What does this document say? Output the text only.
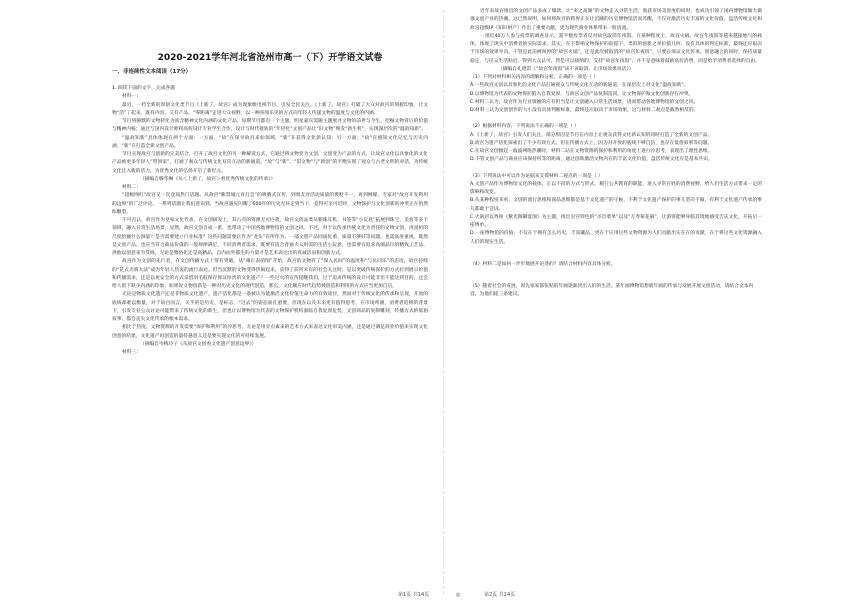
2020-2021学年河北省沧州市高一（下）开学语文试卷
一、非连续性文本阅读（17分）
1. 阅读下面的文字，完成各题
材料一：
最近，一档全新的原创文化类节目《上新了，故宫》成为现象级电视节目，引发全民关注。《上新了，故宫》打破了大众对故宫的刻板印象，让文物“活”了起来，既有内容、又有产品，“零距离”走进大众视野，以一种喜闻乐见的方式向年轻人传递文物的温度与文化的内涵。
节目将静默的文物转化为富含精神文化内涵的文化产品。每期节目都有一个主题，明星嘉宾需随主题展寻文物的前世与今生，挖掘文物背后的价值与精神内核；通过与国内设计师和高校设计专业学生合作，设计与时代接轨的“年轻化”文创产品让“旧文物”焕发“新生机”，实现深层次的“温故知新”。
“温故知新”具体体现在两个方面：一方面，“故”在探寻故宫来如领域，“新”在获得文化新认知；另一方面，“故”在感知文化记忆与历史内涵，“新”在打造全新文创产品。
节目实现故宫与创新的完美结合，打开了故宫文化的另一种解读方式，它通过将文物变为文创，文创变为产品的方式，让故宫文化以具象化的文化产品被更多年轻人“带回家”，打通了观众与传统文化双向互动的新通道。“故”与“新”、“旧文物”与“新创”的平衡实现了观众与古老文明的对话，为传统文化注入新的活力，为优秀文化的弘扬开启了新纪元。
（摘编自滕华琳《从＜上新了，故宫＞看优秀传统文化的传承》）
材料二：
“超级网红”故宫又一次登顶热门话题。从故宫“紫禁城元宵灯会”的吸睛式宣传，到周友对活动质量的褒贬不一，再到网媒、专家对“故宫开发利用的边界”的广泛评论，一系列话题让我们意识到，当故宫遇见闪耀了600年的历史光环走到当下，竟得可亲可近时，文物保护与文化创新的冲突正在悄然酝酿着。
不可否认，故宫作为皇家文化代表，在文创研发上，其占有的资源无可匹敌，故宫文创品类从朝珠耳机、书签等“小玩意”拓展到珠宝、美妆等多个领域，融入日常生活场景，显然，故宫文创自成一派，也带动了中国各地博物馆的文创之风。不过，对于以传承传统文化为责任的文物文创，再剖析的尺度恰握什么洞量？是否需要建立行业标准？这些问题需要官作为“龙头”有所作为。一部文创产品同质化重、质量不够好等问题，也需高度重视。既然是文创产品，也应当符合商品价值的一般规律满足，不同消费者需求，既要有适合普通大众用需的生活小玩意，也需要有追求高端品位的精致工艺品，供他以创意来为反线，无论是雅俗化还是高精品，自内而外都生的力量才是艺术表达出的真诚活泉和创新方式。
故宫作为文创的先行者，在文创传播方式上常有突破，从“雍正表萌图”开始，故宫的文物有了“深入民间”的温度和“与民同乐”的态度，故宫持续的“花式卖萌大法”成为年轻人热衷的流行表达。但当沉默的文物变得热闹起来，获得了前所未有的社会关注时，是以突破传统保护的方式拉到展示价值和传播需求，还是以更安全的方式拿惜羽毛般保存保证珍贵的文化遗产？一些过火的宣传提醒我们，过于追求传统的设计可能非但不能达到目的，还会给人留下缺少内涵的印象。如果说文物创新是一种对历史文化的现代创造，那么，文化顺应时代趋势被创造和利用的方式应当更加自信。
无论是物质文化遗产还是非物质文化遗产，遗产活化都是一条被认为能激活文化价值生命力的有效途径，然而对于传统文化的传承和呈现，开放的底线却难以衡量，对于故宫而言，关乎的是历史、是标志，“过去”的姿态面孔重要，但现在以及未来更有值得思考，在市场所涵，消费者追捧的背景下，引发专业公众讨论可能带来了传统文化的新生，但也让以博物馆为代表的文物保护机构面临自我复原危势，文创商品的复制雕刻，传播方式的低俗叙事，都会丧失文化传承的根本需求。
相比于热度，文物资源的开发需要“保护和利用”的冷思考。无论是用旁点素来的艺术方式来表达文化审美内涵，还是通过满足商业价值来实现文化创意的结果，文化遗产再创造的量持悬意义还是要实现文化的可持续发展。
（摘编自岑梅玲子《从故宫文创看文化遗产创意边界》）
材料三：
近年来故宫推出的文创产品多成了爆款，让“来之高阁”的文物走入寻常生活，收获市场美誉度的同时，也成功引领了国内博物馆做大做强文创产业的热潮。这已然说明，如何将故宫的跨界正在让沉睡的历史博物馆活而苏醒，不仅对激活历史丰富的文化价值，盘活传统文化和故宫超级IP（知识财产）作出了重要贡献，更为现代商业体系带来一股清流。
一项近40万人参与投票的调查显示，超半数投票者反对故宫取消年夜饭。在某种程度上，故宫火锅、故宫年夜饭等越来越接地气的载体，体现了现实中消费者的实际需求。其实，在不影响文物保护的前提下，类似的创新之举价值几何，没有具体的判定标准，最终还应取决于市场的效果导向。不管是此前被叫停的“故宫火锅”，还是此次被取消的“故宫年夜饭”，只要在保证文化传承，创意融合的同时，保持质量稳定，与民众生活贴近，得到大众认可，皆是可以接纳的，支持“故宫年夜饭”，并不是意味着鼓励高价消费，而是给予消费者选择的自由。
（摘编自孔德淇《“故宫年夜饭”该不该取消，让市场效果说话》）
（1）下列对材料相关内容的理解和分析，正确的一项是（ ）
A.一些故宫文创以具象化的文化产品打通观众与传统文化互动的新通道，在深层次上对文化“温故知新”。
B.以博物馆为代表的文物保护陷入自我复原，与故宫文创产品复制雷同，让文物保护和文化创新存在冲突。
C.材料二认为，故宫作为行业领袖的应有担当是让文创融入日常生活场景，进而带动各地博物馆的文创之风。
D.材料三认为文创创作的大小没有具体判断标准，最终还应取决于市场效果，这与材料二观点是截然相反的。
（2）根据材料内容，下列说法不正确的一项是（ ）
A.《上新了，故宫》引发人们关注，部分原因是节目在内容上让观众获得文化新认知的同时打造了全新的文创产品。
B.故宫为遗产活化探索出了不少有效方式，但在传播方式上，因为对开放的底线不够自信，也存在低俗叙事等问题。
C.在故宫文创掀起一波波网络热潮时，材料二站在文物资源的保护和利用的角度上进行冷思考，表现出了理性思维。
D.不管文创产品与商业应该保持何等的距离，通过创新激活文物内在的丰富文化价值，盘活传统文化应是基本共识。
（3）下列说法中可以作为论据来支撑材料二观点的一项是（ ）
A.文创产品作为博物馆文化的载体，正以不同的方式与形式，履行公共教育的职能，进入寻常百姓的消费视野，给人们生活方式带来一定的影响和改变。
B.从某种程度来看，文创的流行思维和商品思维都是基于文化遗产的守候，不利于文化遗产保护的事儿坚决不做，有利于文化遗产传承的事儿都敢于尝试。
C.火锅店以秀推《紫光阁御宴图》为主题，推出皇宫特色的“圣旨菜单”以及“万寿菊花锅”，让游客能够身临其境地感受吉庆文化，开拓后一座博单。
D.一座博物馆的价值，不仅在于拥有怎么历史，丰富藏品，更在于应用这些文物资源为人们贡献出实在在的贡献，在于将这些文化资源融入人们的现实生活。
（4）材料二是如何一步步地展开论述的？请结合材料内容具体分析。
（5）随着社会的发展，原先家家都张贴的年画逐渐淡出人们的生活。某年画博物馆想就年画的传承与发展开展文创活动，请结合文本内容，为他们提三条建议。
第1页 共14页	◎	第2页 共14页
